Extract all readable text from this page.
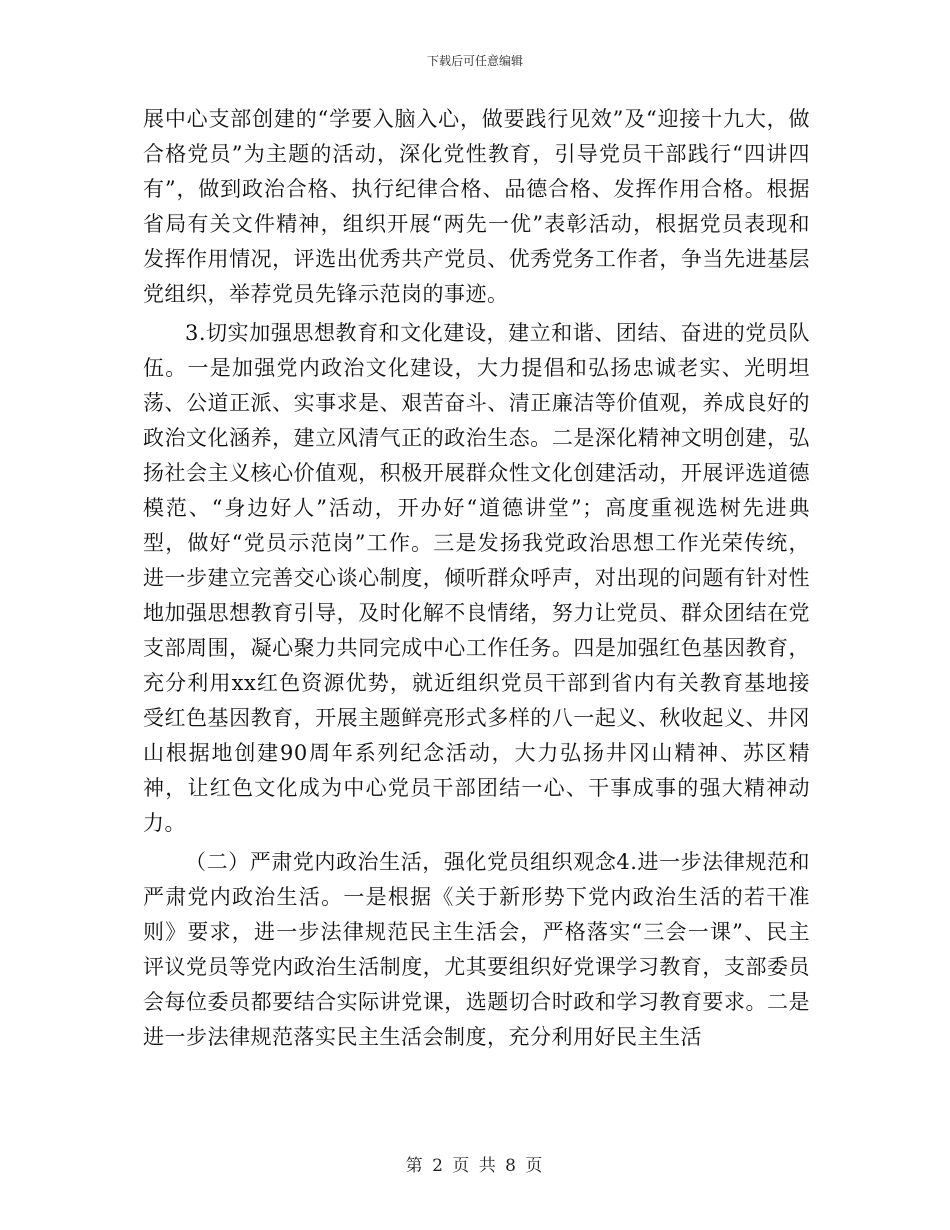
下载后可任意编辑

展中心支部创建的“学要入脑入心，做要践行见效”及“迎接十九大，做合格党员”为主题的活动，深化党性教育，引导党员干部践行“四讲四有”，做到政治合格、执行纪律合格、品德合格、发挥作用合格。根据省局有关文件精神，组织开展“两先一优”表彰活动，根据党员表现和发挥作用情况，评选出优秀共产党员、优秀党务工作者，争当先进基层党组织，举荐党员先锋示范岗的事迹。

3.切实加强思想教育和文化建设，建立和谐、团结、奋进的党员队伍。一是加强党内政治文化建设，大力提倡和弘扬忠诚老实、光明坦荡、公道正派、实事求是、艰苦奋斗、清正廉洁等价值观，养成良好的政治文化涵养，建立风清气正的政治生态。二是深化精神文明创建，弘扬社会主义核心价值观，积极开展群众性文化创建活动，开展评选道德模范、“身边好人”活动，开办好“道德讲堂”；高度重视选树先进典型，做好“党员示范岗”工作。三是发扬我党政治思想工作光荣传统，进一步建立完善交心谈心制度，倾听群众呼声，对出现的问题有针对性地加强思想教育引导，及时化解不良情绪，努力让党员、群众团结在党支部周围，凝心聚力共同完成中心工作任务。四是加强红色基因教育，充分利用xx红色资源优势，就近组织党员干部到省内有关教育基地接受红色基因教育，开展主题鲜亮形式多样的八一起义、秋收起义、井冈山根据地创建90周年系列纪念活动，大力弘扬井冈山精神、苏区精神，让红色文化成为中心党员干部团结一心、干事成事的强大精神动力。

（二）严肃党内政治生活，强化党员组织观念4.进一步法律规范和严肃党内政治生活。一是根据《关于新形势下党内政治生活的若干准则》要求，进一步法律规范民主生活会，严格落实“三会一课”、民主评议党员等党内政治生活制度，尤其要组织好党课学习教育，支部委员会每位委员都要结合实际讲党课，选题切合时政和学习教育要求。二是进一步法律规范落实民主生活会制度，充分利用好民主生活

第 2 页 共 8 页
